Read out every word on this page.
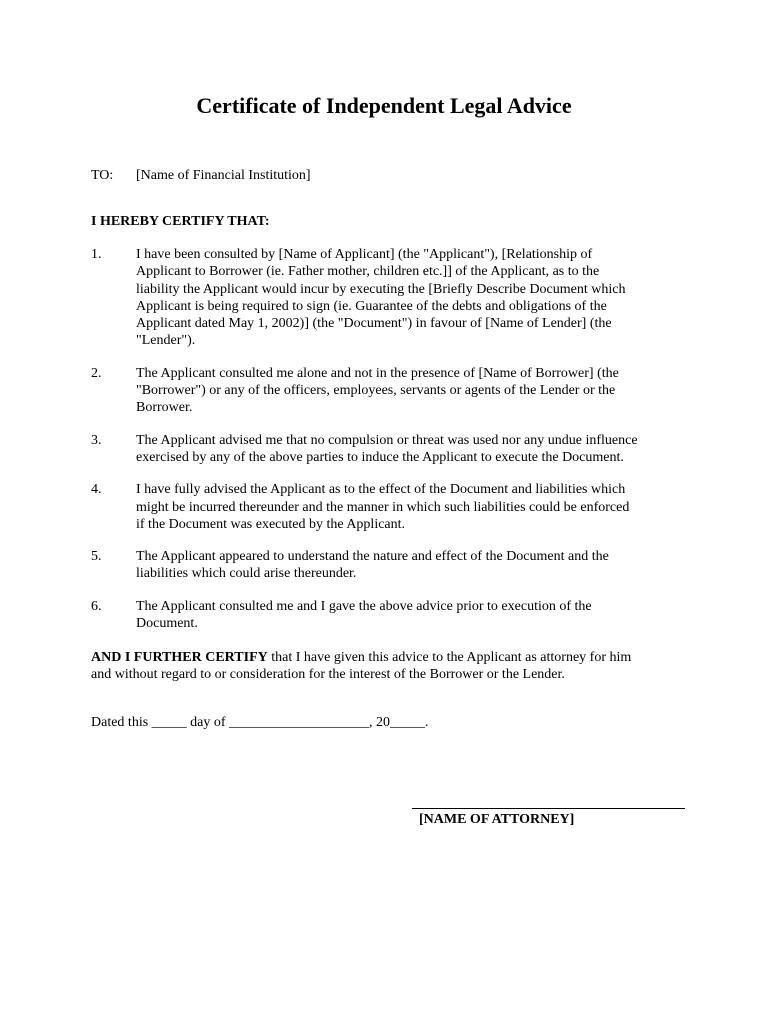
Certificate of Independent Legal Advice
TO: [Name of Financial Institution]
I HEREBY CERTIFY THAT:
1. I have been consulted by [Name of Applicant] (the "Applicant"), [Relationship of
Applicant to Borrower (ie. Father mother, children etc.]] of the Applicant, as to the
liability the Applicant would incur by executing the [Briefly Describe Document which
Applicant is being required to sign (ie. Guarantee of the debts and obligations of the
Applicant dated May 1, 2002)] (the "Document") in favour of [Name of Lender] (the
"Lender").
2. The Applicant consulted me alone and not in the presence of [Name of Borrower] (the
"Borrower") or any of the officers, employees, servants or agents of the Lender or the
Borrower.
3. The Applicant advised me that no compulsion or threat was used nor any undue influence
exercised by any of the above parties to induce the Applicant to execute the Document.
4. I have fully advised the Applicant as to the effect of the Document and liabilities which
might be incurred thereunder and the manner in which such liabilities could be enforced
if the Document was executed by the Applicant.
5. The Applicant appeared to understand the nature and effect of the Document and the
liabilities which could arise thereunder.
6. The Applicant consulted me and I gave the above advice prior to execution of the
Document.
AND I FURTHER CERTIFY that I have given this advice to the Applicant as attorney for him
and without regard to or consideration for the interest of the Borrower or the Lender.
Dated this _____ day of ____________________, 20_____.
[NAME OF ATTORNEY]
